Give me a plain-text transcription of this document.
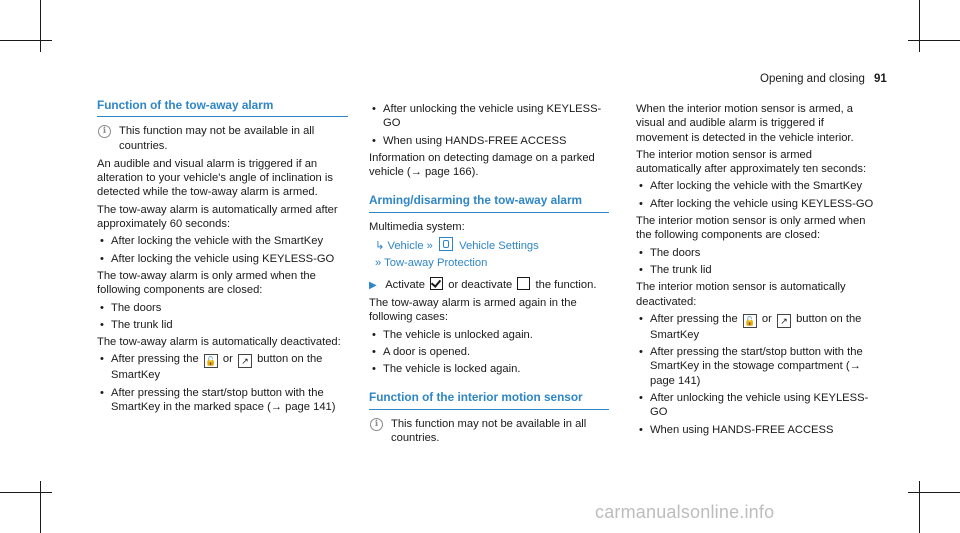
Opening and closing 91
Function of the tow-away alarm
i	This function may not be available in all countries.

An audible and visual alarm is triggered if an alteration to your vehicle's angle of inclination is detected while the tow-away alarm is armed.

The tow-away alarm is automatically armed after approximately 60 seconds:

• After locking the vehicle with the SmartKey
• After locking the vehicle using KEYLESS-GO

The tow-away alarm is only armed when the following components are closed:

• The doors
• The trunk lid

The tow-away alarm is automatically deactivated:

• After pressing the 🔓 or ↗ button on the SmartKey
• After pressing the start/stop button with the SmartKey in the marked space (→ page 141)
• After unlocking the vehicle using KEYLESS-GO
• When using HANDS-FREE ACCESS

Information on detecting damage on a parked vehicle (→ page 166).

Arming/disarming the tow-away alarm

Multimedia system:

↳ Vehicle » Vehicle Settings

» Tow-away Protection

▶ Activate or deactivate the function.

The tow-away alarm is armed again in the following cases:

• The vehicle is unlocked again.
• A door is opened.
• The vehicle is locked again.
Function of the interior motion sensor
i	This function may not be available in all countries.

When the interior motion sensor is armed, a visual and audible alarm is triggered if movement is detected in the vehicle interior.

The interior motion sensor is armed automatically after approximately ten seconds:

• After locking the vehicle with the SmartKey
• After locking the vehicle using KEYLESS-GO

The interior motion sensor is only armed when the following components are closed:

• The doors
• The trunk lid

The interior motion sensor is automatically deactivated:

• After pressing the 🔓 or ↗ button on the SmartKey
• After pressing the start/stop button with the SmartKey in the stowage compartment (→ page 141)
• After unlocking the vehicle using KEYLESS-GO
• When using HANDS-FREE ACCESS
carmanualsonline.info
